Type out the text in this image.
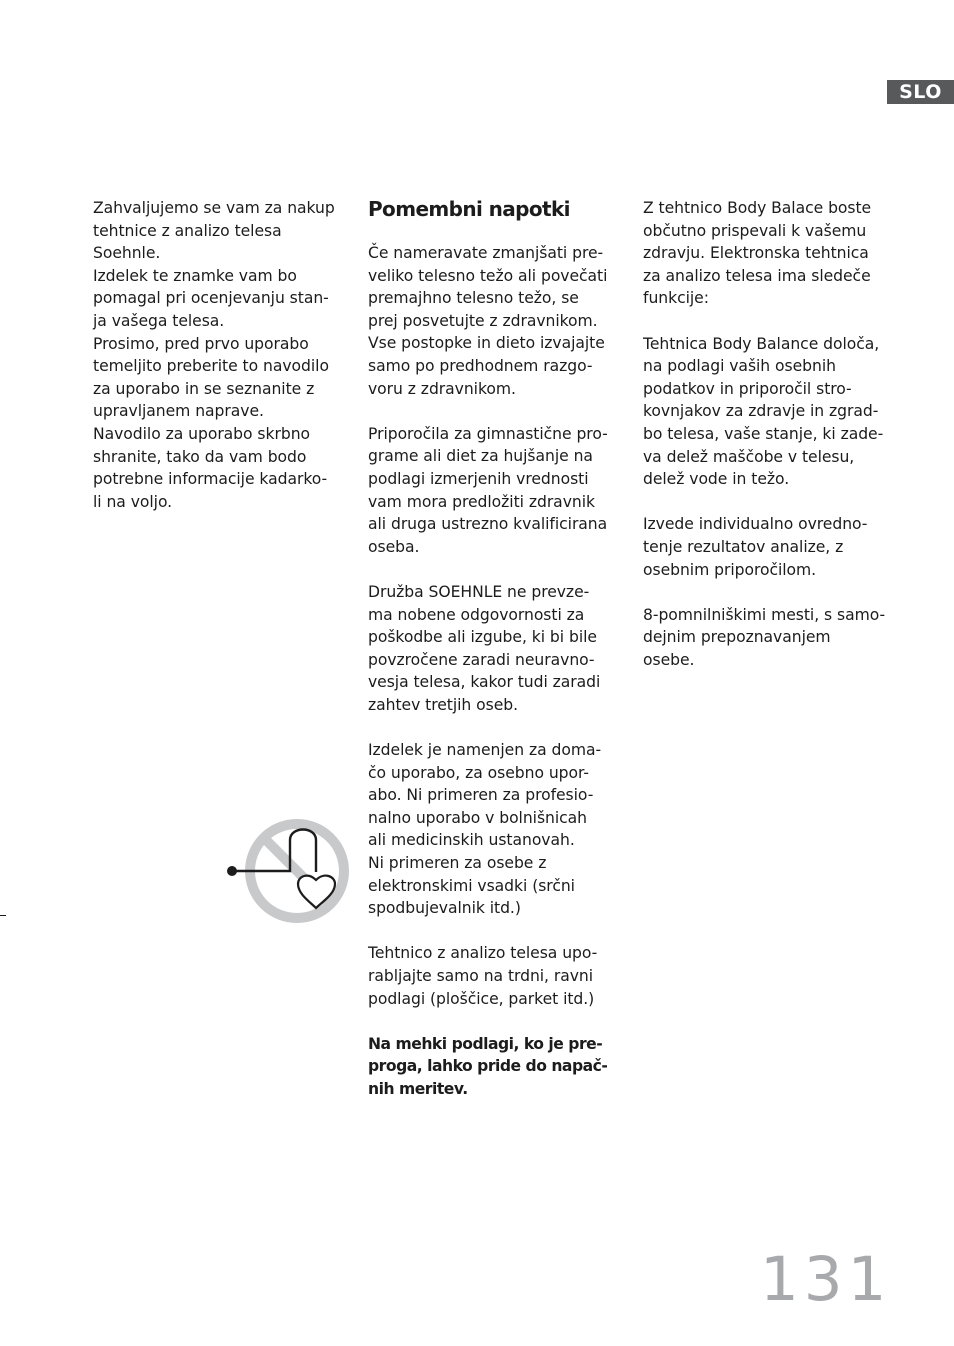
SLO

Zahvaljujemo se vam za nakup
tehtnice z analizo telesa
Soehnle.
Izdelek te znamke vam bo
pomagal pri ocenjevanju stan-
ja vašega telesa.
Prosimo, pred prvo uporabo
temeljito preberite to navodilo
za uporabo in se seznanite z
upravljanem naprave.
Navodilo za uporabo skrbno
shranite, tako da vam bodo
potrebne informacije kadarko-
li na voljo.

Pomembni napotki

Če nameravate zmanjšati pre-
veliko telesno težo ali povečati
premajhno telesno težo, se
prej posvetujte z zdravnikom.
Vse postopke in dieto izvajajte
samo po predhodnem razgo-
voru z zdravnikom.

Priporočila za gimnastične pro-
grame ali diet za hujšanje na
podlagi izmerjenih vrednosti
vam mora predložiti zdravnik
ali druga ustrezno kvalificirana
oseba.

Družba SOEHNLE ne prevze-
ma nobene odgovornosti za
poškodbe ali izgube, ki bi bile
povzročene zaradi neuravno-
vesja telesa, kakor tudi zaradi
zahtev tretjih oseb.

Izdelek je namenjen za doma-
čo uporabo, za osebno upor-
abo. Ni primeren za profesio-
nalno uporabo v bolnišnicah
ali medicinskih ustanovah.
Ni primeren za osebe z
elektronskimi vsadki (srčni
spodbujevalnik itd.)

Tehtnico z analizo telesa upo-
rabljajte samo na trdni, ravni
podlagi (ploščice, parket itd.)

Na mehki podlagi, ko je pre-
proga, lahko pride do napač-
nih meritev.

Z tehtnico Body Balace boste
občutno prispevali k vašemu
zdravju. Elektronska tehtnica
za analizo telesa ima sledeče
funkcije:

Tehtnica Body Balance določa,
na podlagi vaših osebnih
podatkov in priporočil stro-
kovnjakov za zdravje in zgrad-
bo telesa, vaše stanje, ki zade-
va delež maščobe v telesu,
delež vode in težo.

Izvede individualno ovredno-
tenje rezultatov analize, z
osebnim priporočilom.

8-pomnilniškimi mesti, s samo-
dejnim prepoznavanjem
osebe.

131
